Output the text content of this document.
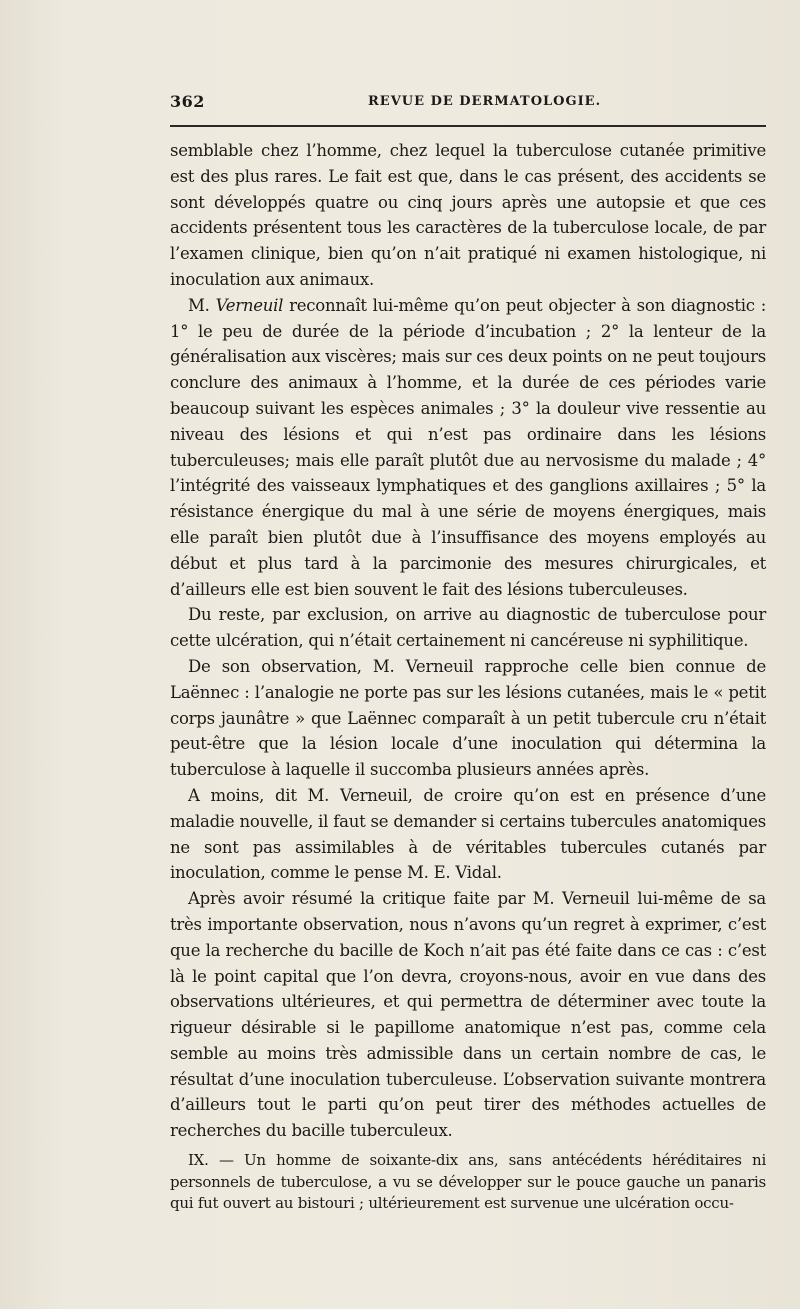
362	REVUE DE DERMATOLOGIE.

semblable chez l’homme, chez lequel la tuberculose cutanée primitive est des plus rares. Le fait est que, dans le cas présent, des accidents se sont développés quatre ou cinq jours après une autopsie et que ces accidents présentent tous les caractères de la tuberculose locale, de par l’examen clinique, bien qu’on n’ait pratiqué ni examen histologique, ni inoculation aux animaux.

M. Verneuil reconnaît lui-même qu’on peut objecter à son diagnostic : 1° le peu de durée de la période d’incubation ; 2° la lenteur de la généralisation aux viscères; mais sur ces deux points on ne peut toujours conclure des animaux à l’homme, et la durée de ces périodes varie beaucoup suivant les espèces animales ; 3° la douleur vive ressentie au niveau des lésions et qui n’est pas ordinaire dans les lésions tuberculeuses; mais elle paraît plutôt due au nervosisme du malade ; 4° l’intégrité des vaisseaux lymphatiques et des ganglions axillaires ; 5° la résistance énergique du mal à une série de moyens énergiques, mais elle paraît bien plutôt due à l’insuffisance des moyens employés au début et plus tard à la parcimonie des mesures chirurgicales, et d’ailleurs elle est bien souvent le fait des lésions tuberculeuses.

Du reste, par exclusion, on arrive au diagnostic de tuberculose pour cette ulcération, qui n’était certainement ni cancéreuse ni syphilitique.

De son observation, M. Verneuil rapproche celle bien connue de Laënnec : l’analogie ne porte pas sur les lésions cutanées, mais le « petit corps jaunâtre » que Laënnec comparaît à un petit tubercule cru n’était peut-être que la lésion locale d’une inoculation qui détermina la tuberculose à laquelle il succomba plusieurs années après.

A moins, dit M. Verneuil, de croire qu’on est en présence d’une maladie nouvelle, il faut se demander si certains tubercules anatomiques ne sont pas assimilables à de véritables tubercules cutanés par inoculation, comme le pense M. E. Vidal.

Après avoir résumé la critique faite par M. Verneuil lui-même de sa très importante observation, nous n’avons qu’un regret à exprimer, c’est que la recherche du bacille de Koch n’ait pas été faite dans ce cas : c’est là le point capital que l’on devra, croyons-nous, avoir en vue dans des observations ultérieures, et qui permettra de déterminer avec toute la rigueur désirable si le papillome anatomique n’est pas, comme cela semble au moins très admissible dans un certain nombre de cas, le résultat d’une inoculation tuberculeuse. L’observation suivante montrera d’ailleurs tout le parti qu’on peut tirer des méthodes actuelles de recherches du bacille tuberculeux.

IX. — Un homme de soixante-dix ans, sans antécédents héréditaires ni personnels de tuberculose, a vu se développer sur le pouce gauche un panaris qui fut ouvert au bistouri ; ultérieurement est survenue une ulcération occu-
